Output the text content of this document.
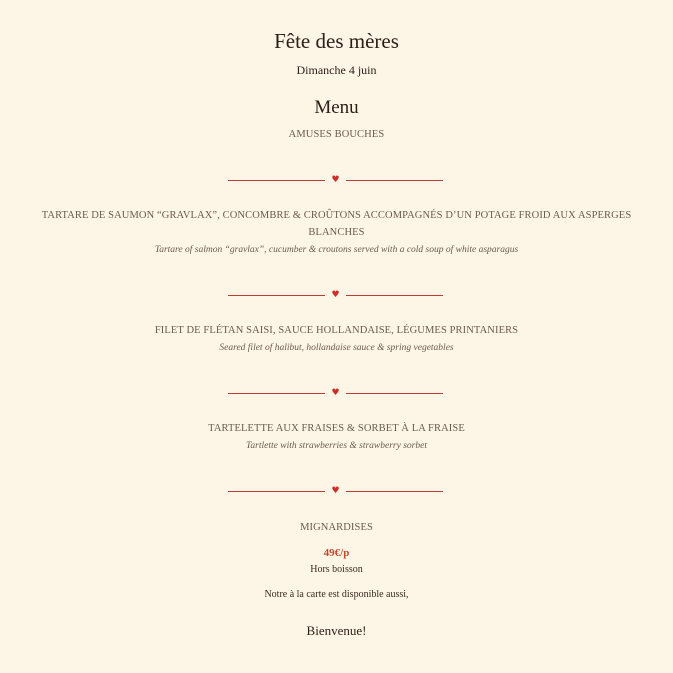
Fête des mères
Dimanche 4 juin
Menu
AMUSES BOUCHES
♥
TARTARE DE SAUMON “GRAVLAX”, CONCOMBRE & CROÛTONS ACCOMPAGNÉS D’UN POTAGE FROID AUX ASPERGES BLANCHES
Tartare of salmon “gravlax”, cucumber & croutons served with a cold soup of white asparagus
♥
FILET DE FLÉTAN SAISI, SAUCE HOLLANDAISE, LÉGUMES PRINTANIERS
Seared filet of halibut, hollandaise sauce & spring vegetables
♥
TARTELETTE AUX FRAISES & SORBET À LA FRAISE
Tartlette with strawberries & strawberry sorbet
♥
MIGNARDISES
49€/p
Hors boisson
Notre à la carte est disponible aussi,
Bienvenue!
